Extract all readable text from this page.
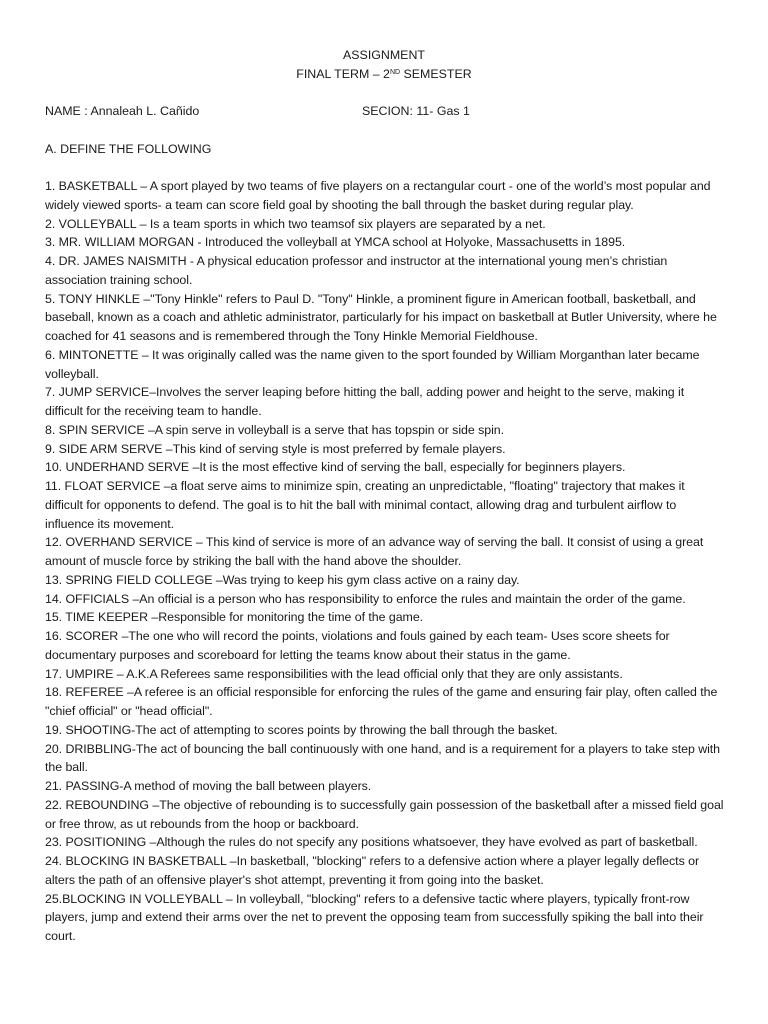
ASSIGNMENT
FINAL TERM – 2ND SEMESTER
NAME : Annaleah L. Cañido	SECION: 11- Gas 1
A. DEFINE THE FOLLOWING

1. BASKETBALL – A sport played by two teams of five players on a rectangular court - one of the world’s most popular and widely viewed sports- a team can score field goal by shooting the ball through the basket during regular play.

2. VOLLEYBALL – Is a team sports in which two teamsof six players are separated by a net.

3. MR. WILLIAM MORGAN - Introduced the volleyball at YMCA school at Holyoke, Massachusetts in 1895.

4. DR. JAMES NAISMITH - A physical education professor and instructor at the international young men’s christian association training school.

5. TONY HINKLE –"Tony Hinkle" refers to Paul D. "Tony" Hinkle, a prominent figure in American football, basketball, and baseball, known as a coach and athletic administrator, particularly for his impact on basketball at Butler University, where he coached for 41 seasons and is remembered through the Tony Hinkle Memorial Fieldhouse.

6. MINTONETTE – It was originally called was the name given to the sport founded by William Morganthan later became volleyball.

7. JUMP SERVICE–Involves the server leaping before hitting the ball, adding power and height to the serve, making it difficult for the receiving team to handle.

8. SPIN SERVICE –A spin serve in volleyball is a serve that has topspin or side spin.

9. SIDE ARM SERVE –This kind of serving style is most preferred by female players.

10. UNDERHAND SERVE –It is the most effective kind of serving the ball, especially for beginners players.

11. FLOAT SERVICE –a float serve aims to minimize spin, creating an unpredictable, "floating" trajectory that makes it difficult for opponents to defend. The goal is to hit the ball with minimal contact, allowing drag and turbulent airflow to influence its movement.

12. OVERHAND SERVICE – This kind of service is more of an advance way of serving the ball. It consist of using a great amount of muscle force by striking the ball with the hand above the shoulder.

13. SPRING FIELD COLLEGE –Was trying to keep his gym class active on a rainy day.

14. OFFICIALS –An official is a person who has responsibility to enforce the rules and maintain the order of the game.

15. TIME KEEPER –Responsible for monitoring the time of the game.

16. SCORER –The one who will record the points, violations and fouls gained by each team- Uses score sheets for documentary purposes and scoreboard for letting the teams know about their status in the game.

17. UMPIRE – A.K.A Referees same responsibilities with the lead official only that they are only assistants.

18. REFEREE –A referee is an official responsible for enforcing the rules of the game and ensuring fair play, often called the "chief official" or "head official".

19. SHOOTING-The act of attempting to scores points by throwing the ball through the basket.

20. DRIBBLING-The act of bouncing the ball continuously with one hand, and is a requirement for a players to take step with the ball.

21. PASSING-A method of moving the ball between players.

22. REBOUNDING –The objective of rebounding is to successfully gain possession of the basketball after a missed field goal or free throw, as ut rebounds from the hoop or backboard.

23. POSITIONING –Although the rules do not specify any positions whatsoever, they have evolved as part of basketball.

24. BLOCKING IN BASKETBALL –In basketball, "blocking" refers to a defensive action where a player legally deflects or alters the path of an offensive player's shot attempt, preventing it from going into the basket.

25.BLOCKING IN VOLLEYBALL – In volleyball, "blocking" refers to a defensive tactic where players, typically front-row players, jump and extend their arms over the net to prevent the opposing team from successfully spiking the ball into their court.
